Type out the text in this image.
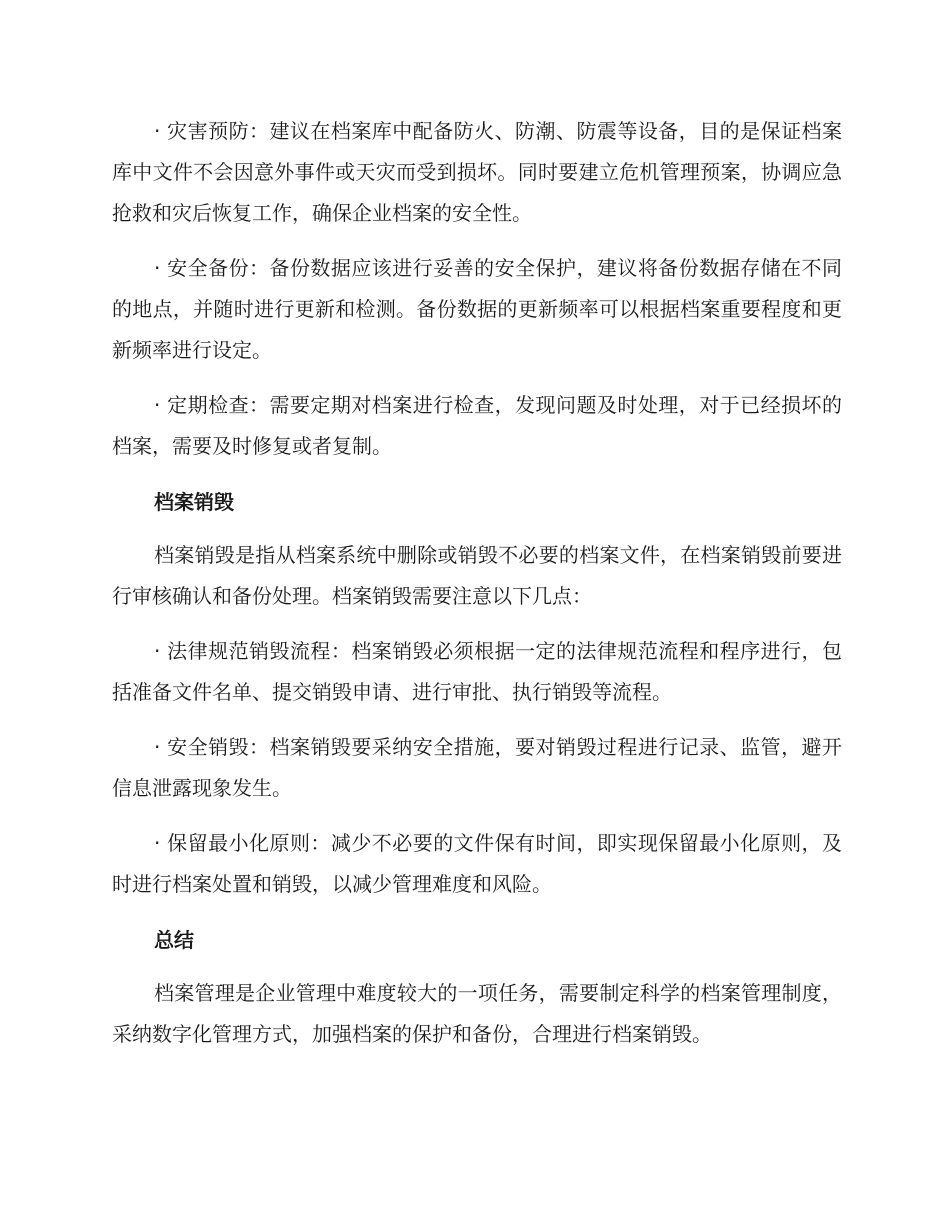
· 灾害预防：建议在档案库中配备防火、防潮、防震等设备，目的是保证档案库中文件不会因意外事件或天灾而受到损坏。同时要建立危机管理预案，协调应急抢救和灾后恢复工作，确保企业档案的安全性。

· 安全备份：备份数据应该进行妥善的安全保护，建议将备份数据存储在不同的地点，并随时进行更新和检测。备份数据的更新频率可以根据档案重要程度和更新频率进行设定。

· 定期检查：需要定期对档案进行检查，发现问题及时处理，对于已经损坏的档案，需要及时修复或者复制。

档案销毁

档案销毁是指从档案系统中删除或销毁不必要的档案文件，在档案销毁前要进行审核确认和备份处理。档案销毁需要注意以下几点：

· 法律规范销毁流程：档案销毁必须根据一定的法律规范流程和程序进行，包括准备文件名单、提交销毁申请、进行审批、执行销毁等流程。

· 安全销毁：档案销毁要采纳安全措施，要对销毁过程进行记录、监管，避开信息泄露现象发生。

· 保留最小化原则：减少不必要的文件保有时间，即实现保留最小化原则，及时进行档案处置和销毁，以减少管理难度和风险。

总结

档案管理是企业管理中难度较大的一项任务，需要制定科学的档案管理制度，采纳数字化管理方式，加强档案的保护和备份，合理进行档案销毁。
